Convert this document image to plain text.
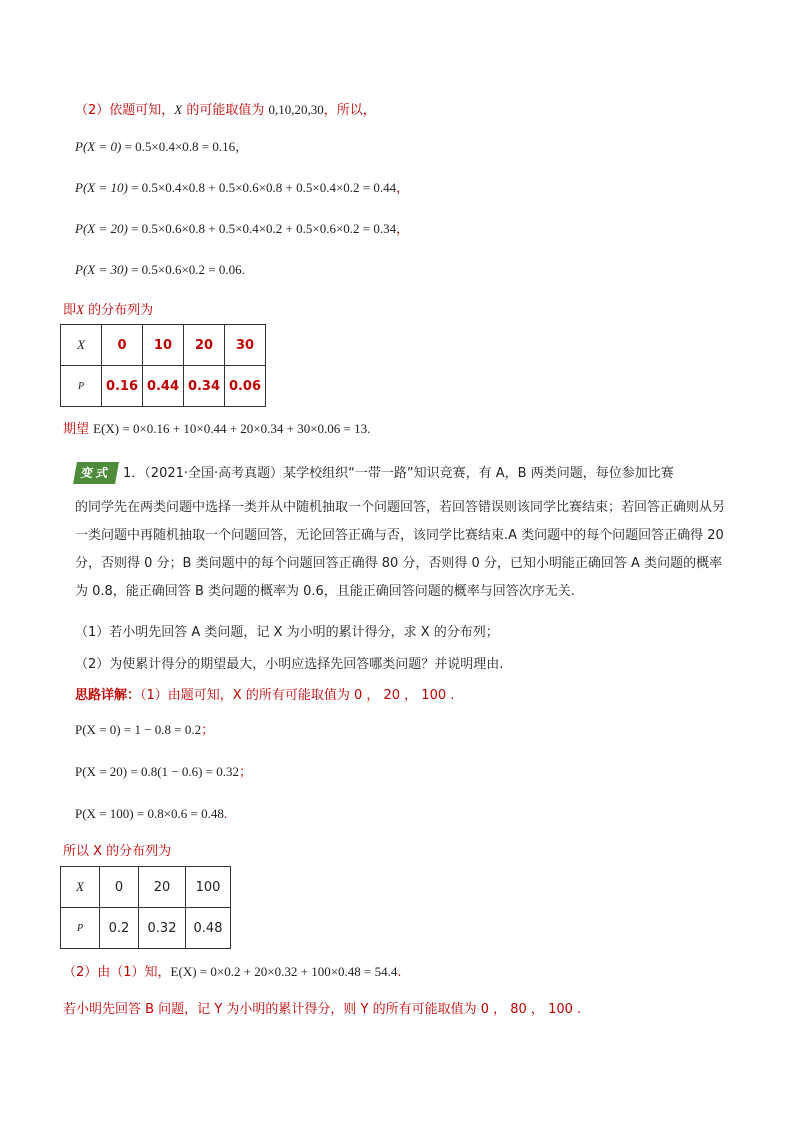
（2）依题可知，X 的可能取值为 0,10,20,30，所以，
P(X = 0) = 0.5×0.4×0.8 = 0.16，
P(X = 10) = 0.5×0.4×0.8 + 0.5×0.6×0.8 + 0.5×0.4×0.2 = 0.44，
P(X = 20) = 0.5×0.6×0.8 + 0.5×0.4×0.2 + 0.5×0.6×0.2 = 0.34，
P(X = 30) = 0.5×0.6×0.2 = 0.06.
即X 的分布列为
X	0	10	20	30
P	0.16	0.44	0.34	0.06
期望 E(X) = 0×0.16 + 10×0.44 + 20×0.34 + 30×0.06 = 13.
变式 1．（2021·全国·高考真题）某学校组织“一带一路”知识竞赛，有 A，B 两类问题，每位参加比赛
的同学先在两类问题中选择一类并从中随机抽取一个问题回答，若回答错误则该同学比赛结束；若回答正确则从另一类问题中再随机抽取一个问题回答，无论回答正确与否，该同学比赛结束.A 类问题中的每个问题回答正确得 20 分，否则得 0 分；B 类问题中的每个问题回答正确得 80 分，否则得 0 分，已知小明能正确回答 A 类问题的概率为 0.8，能正确回答 B 类问题的概率为 0.6，且能正确回答问题的概率与回答次序无关.
（1）若小明先回答 A 类问题，记 X 为小明的累计得分，求 X 的分布列；
（2）为使累计得分的期望最大，小明应选择先回答哪类问题？并说明理由.
思路详解：（1）由题可知，X 的所有可能取值为 0 ， 20 ， 100 .
P(X = 0) = 1 − 0.8 = 0.2；
P(X = 20) = 0.8(1 − 0.6) = 0.32；
P(X = 100) = 0.8×0.6 = 0.48.
所以 X 的分布列为
X	0	20	100
P	0.2	0.32	0.48
（2）由（1）知，E(X) = 0×0.2 + 20×0.32 + 100×0.48 = 54.4.
若小明先回答 B 问题，记 Y 为小明的累计得分，则 Y 的所有可能取值为 0 ， 80 ， 100 .
